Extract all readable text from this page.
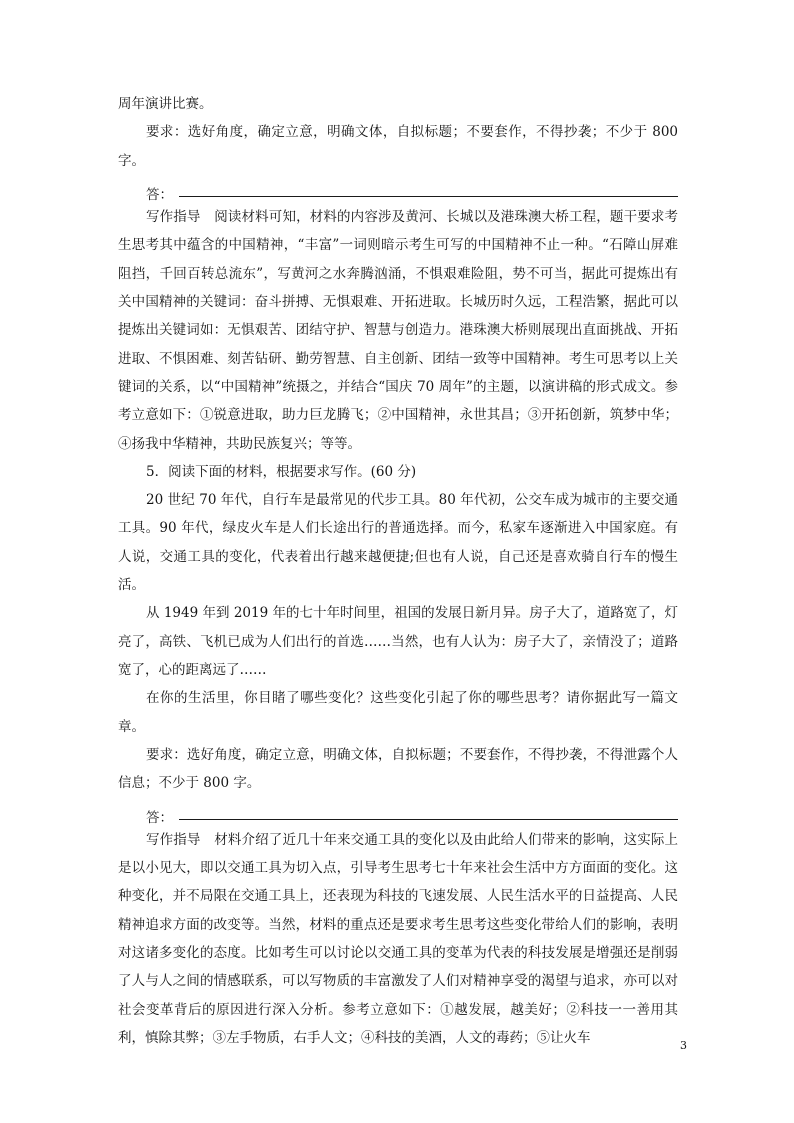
周年演讲比赛。

要求：选好角度，确定立意，明确文体，自拟标题；不要套作，不得抄袭；不少于 800 字。

答：

写作指导　阅读材料可知，材料的内容涉及黄河、长城以及港珠澳大桥工程，题干要求考生思考其中蕴含的中国精神，“丰富”一词则暗示考生可写的中国精神不止一种。“石障山屏难阻挡，千回百转总流东”，写黄河之水奔腾汹涌，不惧艰难险阻，势不可当，据此可提炼出有关中国精神的关键词：奋斗拼搏、无惧艰难、开拓进取。长城历时久远，工程浩繁，据此可以提炼出关键词如：无惧艰苦、团结守护、智慧与创造力。港珠澳大桥则展现出直面挑战、开拓进取、不惧困难、刻苦钻研、勤劳智慧、自主创新、团结一致等中国精神。考生可思考以上关键词的关系，以“中国精神”统摄之，并结合“国庆 70 周年”的主题，以演讲稿的形式成文。参考立意如下：①锐意进取，助力巨龙腾飞；②中国精神，永世其昌；③开拓创新，筑梦中华；④扬我中华精神，共助民族复兴；等等。

5．阅读下面的材料，根据要求写作。(60 分)

20 世纪 70 年代，自行车是最常见的代步工具。80 年代初，公交车成为城市的主要交通工具。90 年代，绿皮火车是人们长途出行的普通选择。而今，私家车逐渐进入中国家庭。有人说，交通工具的变化，代表着出行越来越便捷;但也有人说，自己还是喜欢骑自行车的慢生活。

从 1949 年到 2019 年的七十年时间里，祖国的发展日新月异。房子大了，道路宽了，灯亮了，高铁、飞机已成为人们出行的首选……当然，也有人认为：房子大了，亲情没了；道路宽了，心的距离远了……

在你的生活里，你目睹了哪些变化？这些变化引起了你的哪些思考？请你据此写一篇文章。

要求：选好角度，确定立意，明确文体，自拟标题；不要套作，不得抄袭，不得泄露个人信息；不少于 800 字。

答：

写作指导　材料介绍了近几十年来交通工具的变化以及由此给人们带来的影响，这实际上是以小见大，即以交通工具为切入点，引导考生思考七十年来社会生活中方方面面的变化。这种变化，并不局限在交通工具上，还表现为科技的飞速发展、人民生活水平的日益提高、人民精神追求方面的改变等。当然，材料的重点还是要求考生思考这些变化带给人们的影响，表明对这诸多变化的态度。比如考生可以讨论以交通工具的变革为代表的科技发展是增强还是削弱了人与人之间的情感联系，可以写物质的丰富激发了人们对精神享受的渴望与追求，亦可以对社会变革背后的原因进行深入分析。参考立意如下：①越发展，越美好；②科技一一善用其利，慎除其弊；③左手物质，右手人文；④科技的美酒，人文的毒药；⑤让火车	3
